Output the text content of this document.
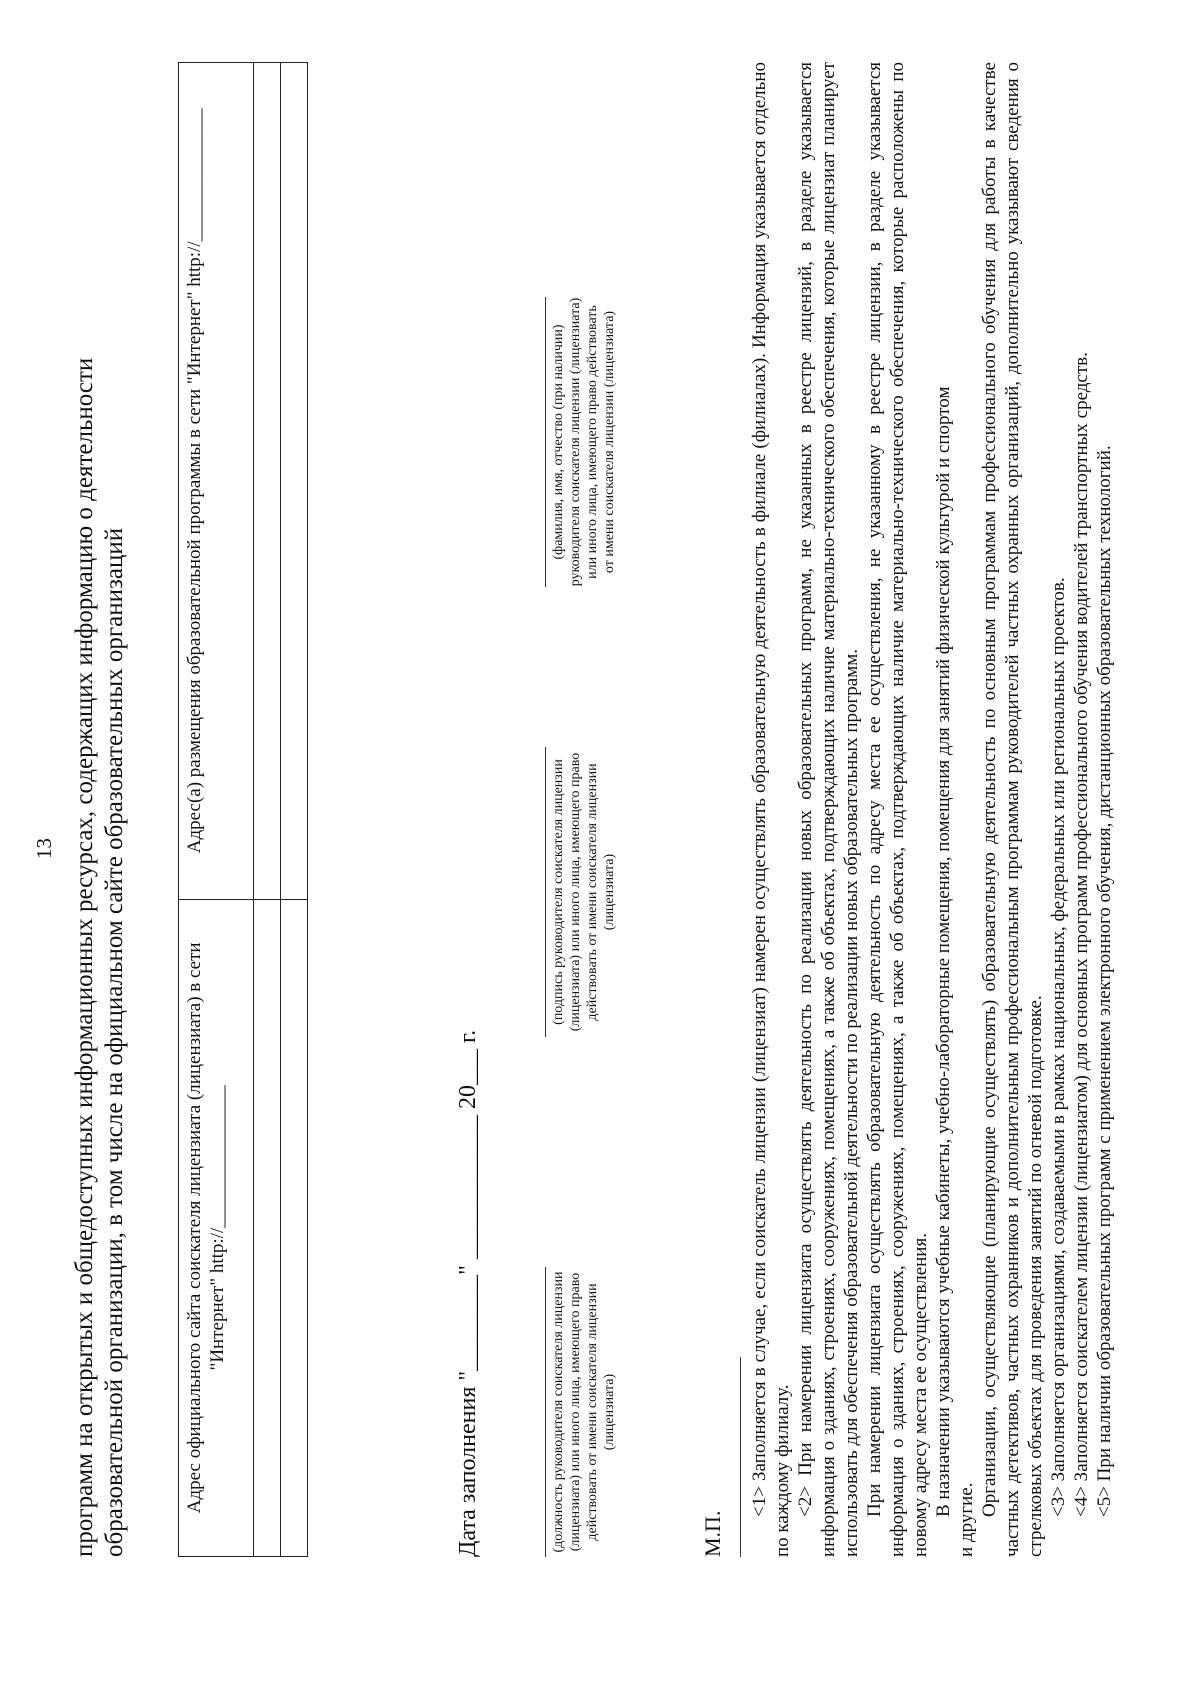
13 программ на открытых и общедоступных информационных ресурсах, содержащих информацию о деятельности образовательной организации, в том числе на официальном сайте образовательных организаций	Адрес официального сайта соискателя лицензиата (лицензиата) в сети "Интернет" http://_______________	Адрес(а) размещения образовательной программы в сети "Интернет" http://______________

Дата заполнения "________" ____________ 20___ г.	(должность руководителя соискателя лицензии (лицензиата) или иного лица, имеющего право действовать от имени соискателя лицензии (лицензиата)
(подпись руководителя соискателя лицензии (лицензиата) или иного лица, имеющего право действовать от имени соискателя лицензии (лицензиата)
(фамилия, имя, отчество (при наличии) руководителя соискателя лицензии (лицензиата) или иного лица, имеющего право действовать от имени соискателя лицензии (лицензиата)
М.П.

<1> Заполняется в случае, если соискатель лицензии (лицензиат) намерен осуществлять образовательную деятельность в филиале (филиалах). Информация указывается отдельно по каждому филиалу. <2> При намерении лицензиата осуществлять деятельность по реализации новых образовательных программ, не указанных в реестре лицензий, в разделе указывается информация о зданиях, строениях, сооружениях, помещениях, а также об объектах, подтверждающих наличие материально-технического обеспечения, которые лицензиат планирует использовать для обеспечения образовательной деятельности по реализации новых образовательных программ. При намерении лицензиата осуществлять образовательную деятельность по адресу места ее осуществления, не указанному в реестре лицензии, в разделе указывается информация о зданиях, строениях, сооружениях, помещениях, а также об объектах, подтверждающих наличие материально-технического обеспечения, которые расположены по новому адресу места ее осуществления. В назначении указываются учебные кабинеты, учебно-лабораторные помещения, помещения для занятий физической культурой и спортом

и другие.

Организации, осуществляющие (планирующие осуществлять) образовательную деятельность по основным программам профессионального обучения для работы в качестве частных детективов, частных охранников и дополнительным профессиональным программам руководителей частных охранных организаций, дополнительно указывают сведения о стрелковых объектах для проведения занятий по огневой подготовке. <3> Заполняется организациями, создаваемыми в рамках национальных, федеральных или региональных проектов. <4> Заполняется соискателем лицензии (лицензиатом) для основных программ профессионального обучения водителей транспортных средств. <5> При наличии образовательных программ с применением электронного обучения, дистанционных образовательных технологий.
